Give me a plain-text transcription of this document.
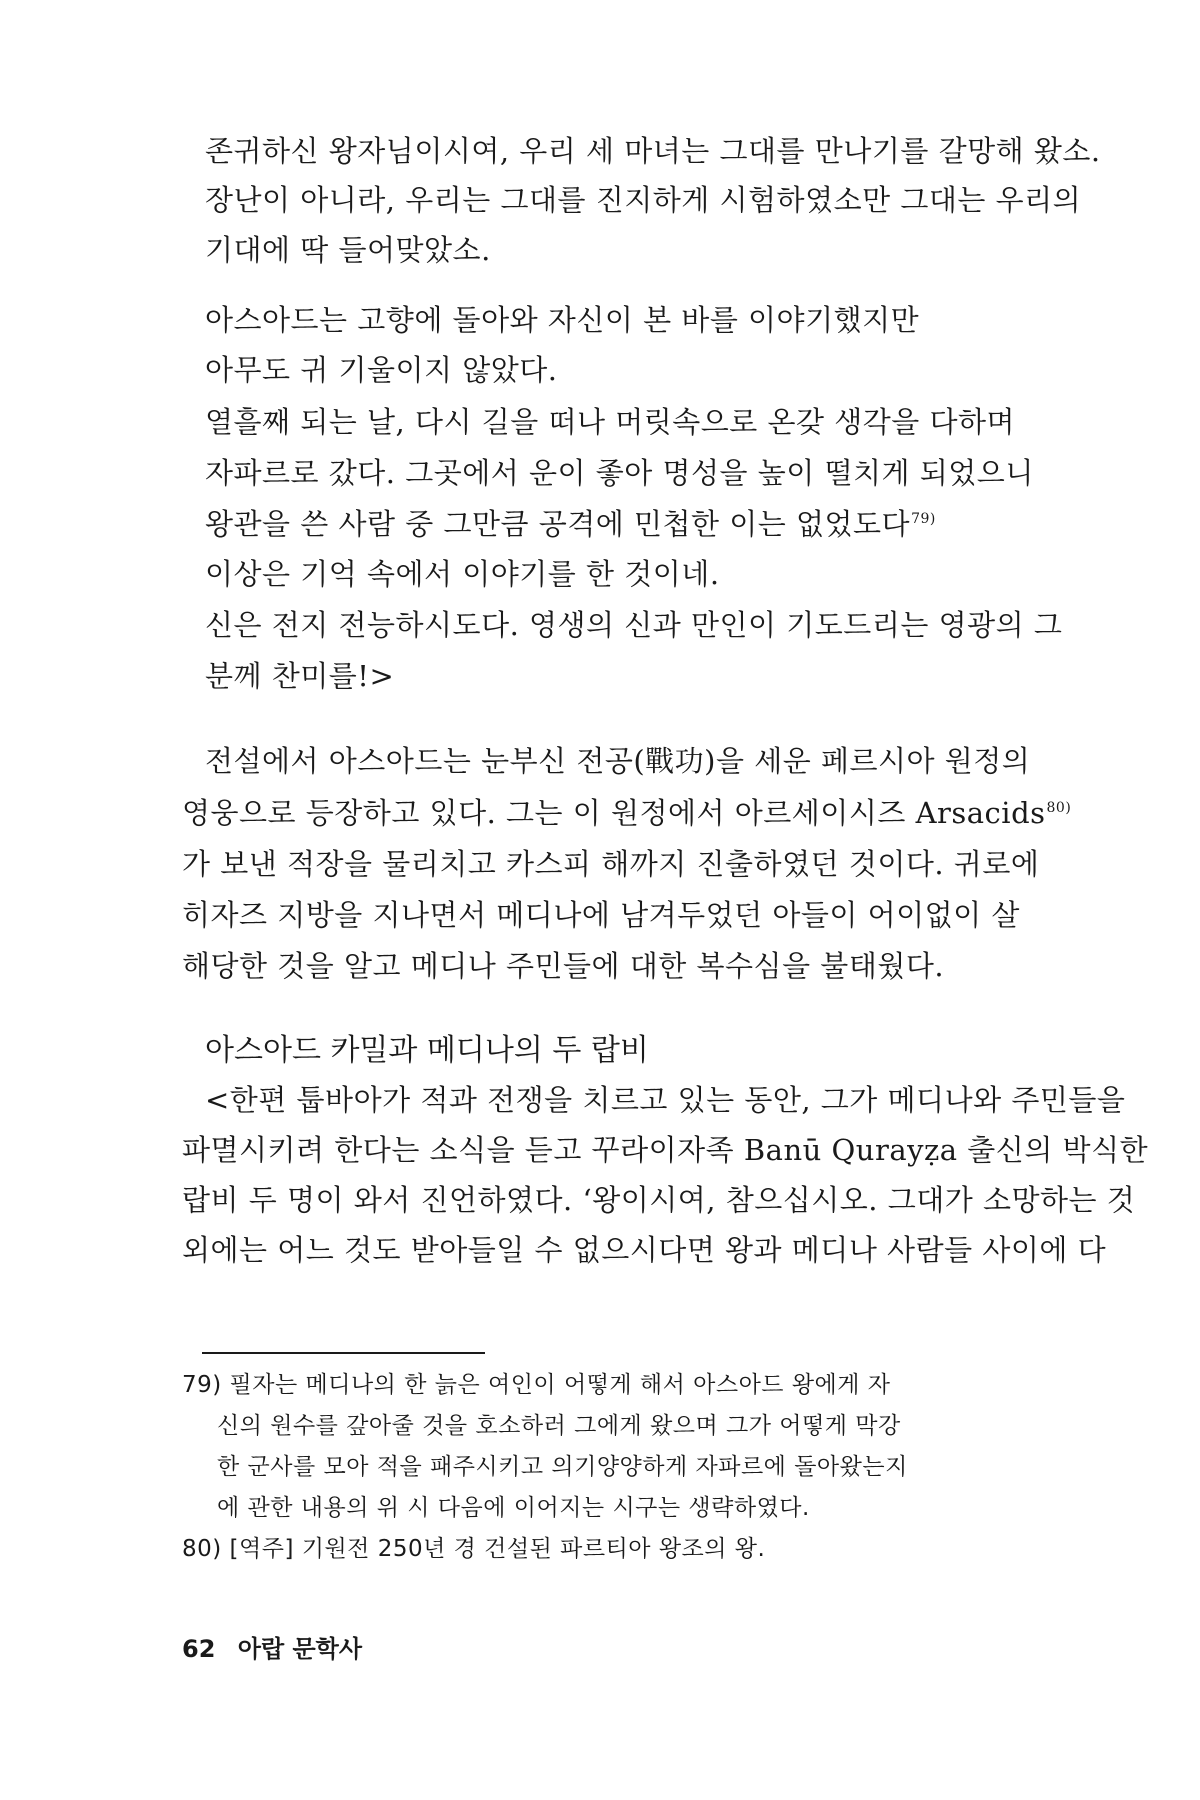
존귀하신 왕자님이시여, 우리 세 마녀는 그대를 만나기를 갈망해 왔소.
장난이 아니라, 우리는 그대를 진지하게 시험하였소만 그대는 우리의
기대에 딱 들어맞았소.
아스아드는 고향에 돌아와 자신이 본 바를 이야기했지만
아무도 귀 기울이지 않았다.
열흘째 되는 날, 다시 길을 떠나 머릿속으로 온갖 생각을 다하며
자파르로 갔다. 그곳에서 운이 좋아 명성을 높이 떨치게 되었으니
왕관을 쓴 사람 중 그만큼 공격에 민첩한 이는 없었도다$^{79)}$
이상은 기억 속에서 이야기를 한 것이네.
신은 전지 전능하시도다. 영생의 신과 만인이 기도드리는 영광의 그
분께 찬미를!>
전설에서 아스아드는 눈부신 전공(戰功)을 세운 페르시아 원정의
영웅으로 등장하고 있다. 그는 이 원정에서 아르세이시즈 Arsacids$^{80)}$
가 보낸 적장을 물리치고 카스피 해까지 진출하였던 것이다. 귀로에
히자즈 지방을 지나면서 메디나에 남겨두었던 아들이 어이없이 살
해당한 것을 알고 메디나 주민들에 대한 복수심을 불태웠다.
아스아드 카밀과 메디나의 두 랍비
<한편 툽바아가 적과 전쟁을 치르고 있는 동안, 그가 메디나와 주민들을
파멸시키려 한다는 소식을 듣고 꾸라이자족 Banū Qurayẓa 출신의 박식한
랍비 두 명이 와서 진언하였다. ‘왕이시여, 참으십시오. 그대가 소망하는 것
외에는 어느 것도 받아들일 수 없으시다면 왕과 메디나 사람들 사이에 다
79) 필자는 메디나의 한 늙은 여인이 어떻게 해서 아스아드 왕에게 자
신의 원수를 갚아줄 것을 호소하러 그에게 왔으며 그가 어떻게 막강
한 군사를 모아 적을 패주시키고 의기양양하게 자파르에 돌아왔는지
에 관한 내용의 위 시 다음에 이어지는 시구는 생략하였다.
80) [역주] 기원전 250년 경 건설된 파르티아 왕조의 왕.
62 아랍 문학사
